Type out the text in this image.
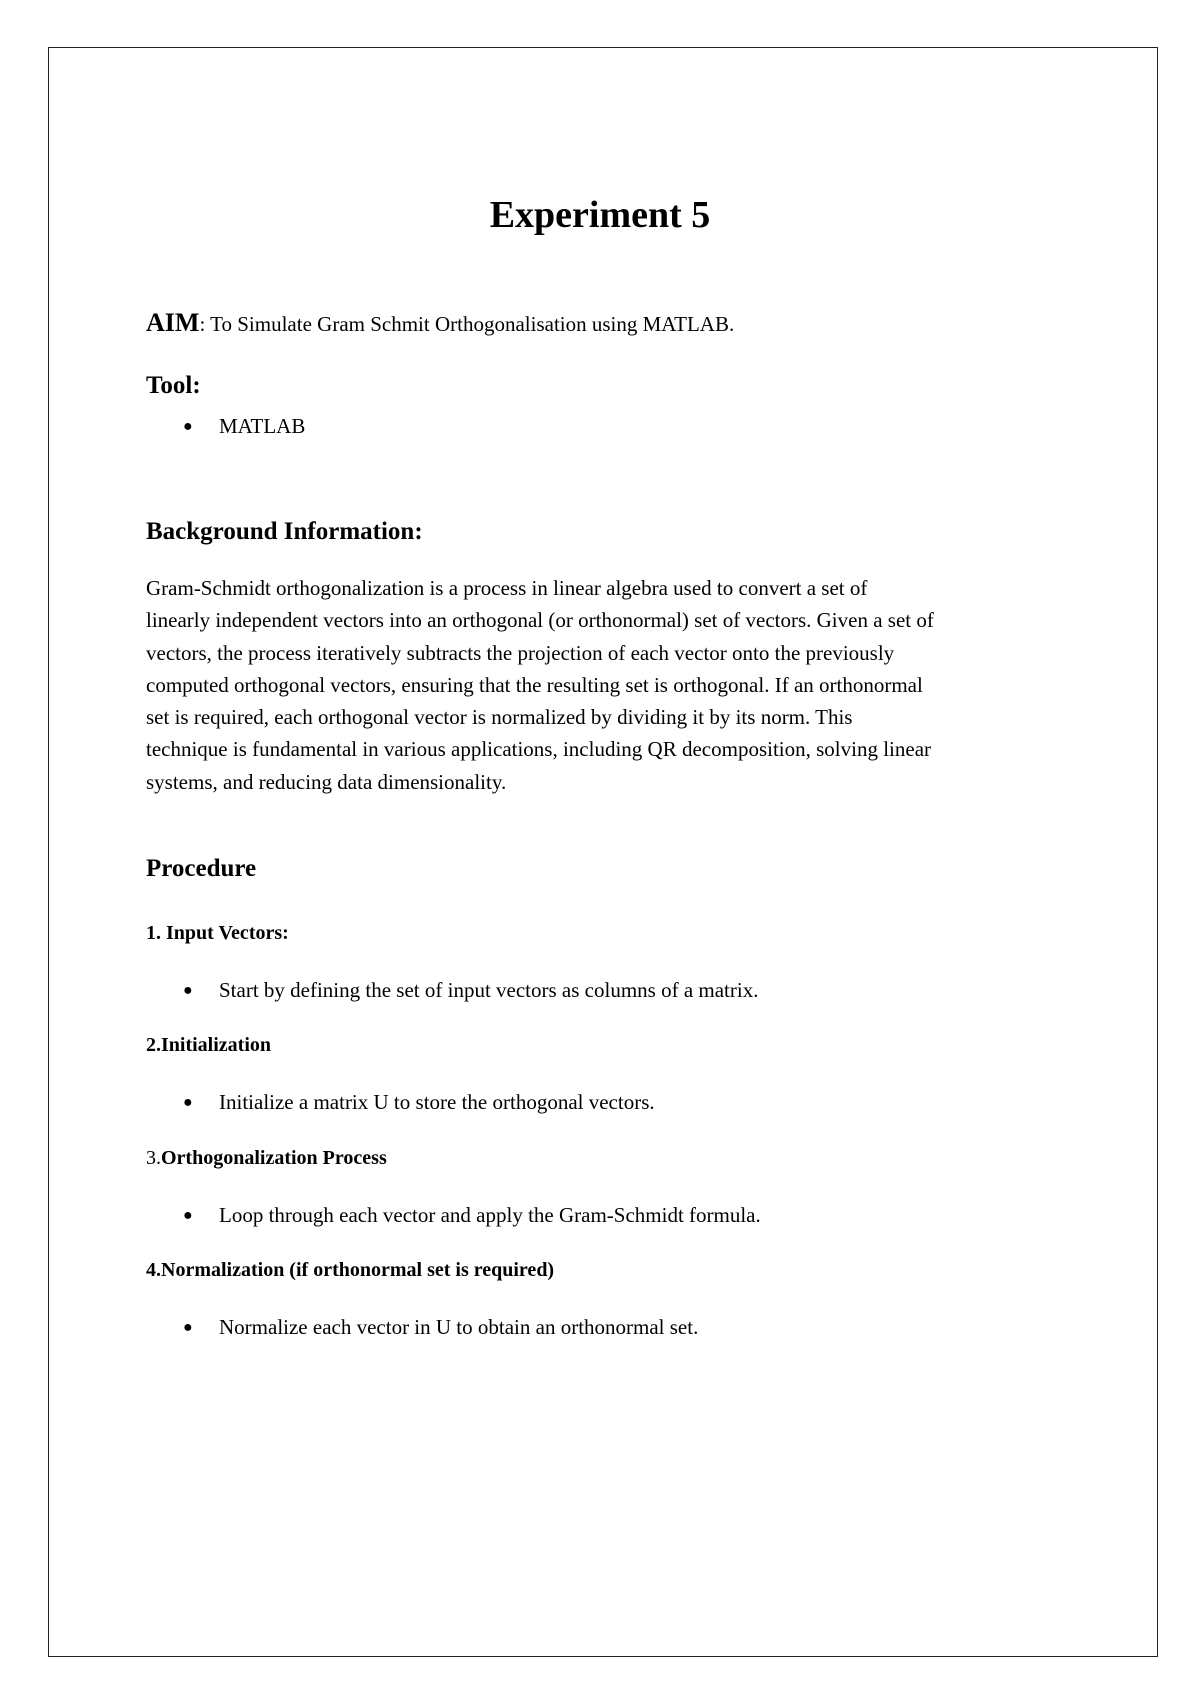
Experiment 5
AIM: To Simulate Gram Schmit Orthogonalisation using MATLAB.
Tool:
● MATLAB
Background Information:
Gram-Schmidt orthogonalization is a process in linear algebra used to convert a set of
linearly independent vectors into an orthogonal (or orthonormal) set of vectors. Given a set of
vectors, the process iteratively subtracts the projection of each vector onto the previously
computed orthogonal vectors, ensuring that the resulting set is orthogonal. If an orthonormal
set is required, each orthogonal vector is normalized by dividing it by its norm. This
technique is fundamental in various applications, including QR decomposition, solving linear
systems, and reducing data dimensionality.
Procedure
1. Input Vectors:
● Start by defining the set of input vectors as columns of a matrix.
2.Initialization
● Initialize a matrix U to store the orthogonal vectors.
3.Orthogonalization Process
● Loop through each vector and apply the Gram-Schmidt formula.
4.Normalization (if orthonormal set is required)
● Normalize each vector in U to obtain an orthonormal set.
